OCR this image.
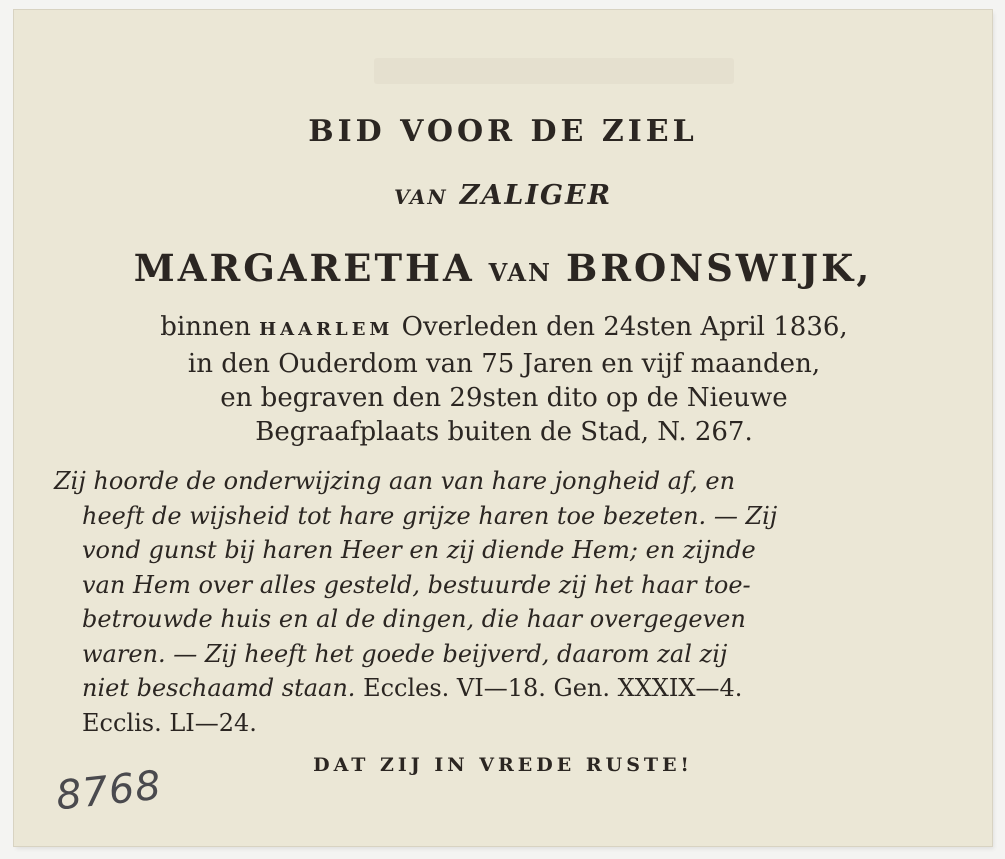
BID VOOR DE ZIEL
VAN ZALIGER
MARGARETHA VAN BRONSWIJK,
binnen HAARLEM Overleden den 24sten April 1836,
in den Ouderdom van 75 Jaren en vijf maanden,
en begraven den 29sten dito op de Nieuwe
Begraafplaats buiten de Stad, N. 267.
Zij hoorde de onderwijzing aan van hare jongheid af, en
heeft de wijsheid tot hare grijze haren toe bezeten. — Zij
vond gunst bij haren Heer en zij diende Hem; en zijnde
van Hem over alles gesteld, bestuurde zij het haar toe-
betrouwde huis en al de dingen, die haar overgegeven
waren. — Zij heeft het goede beijverd, daarom zal zij
niet beschaamd staan. Eccles. VI—18. Gen. XXXIX—4.
Ecclis. LI—24.
DAT ZIJ IN VREDE RUSTE!
8768
